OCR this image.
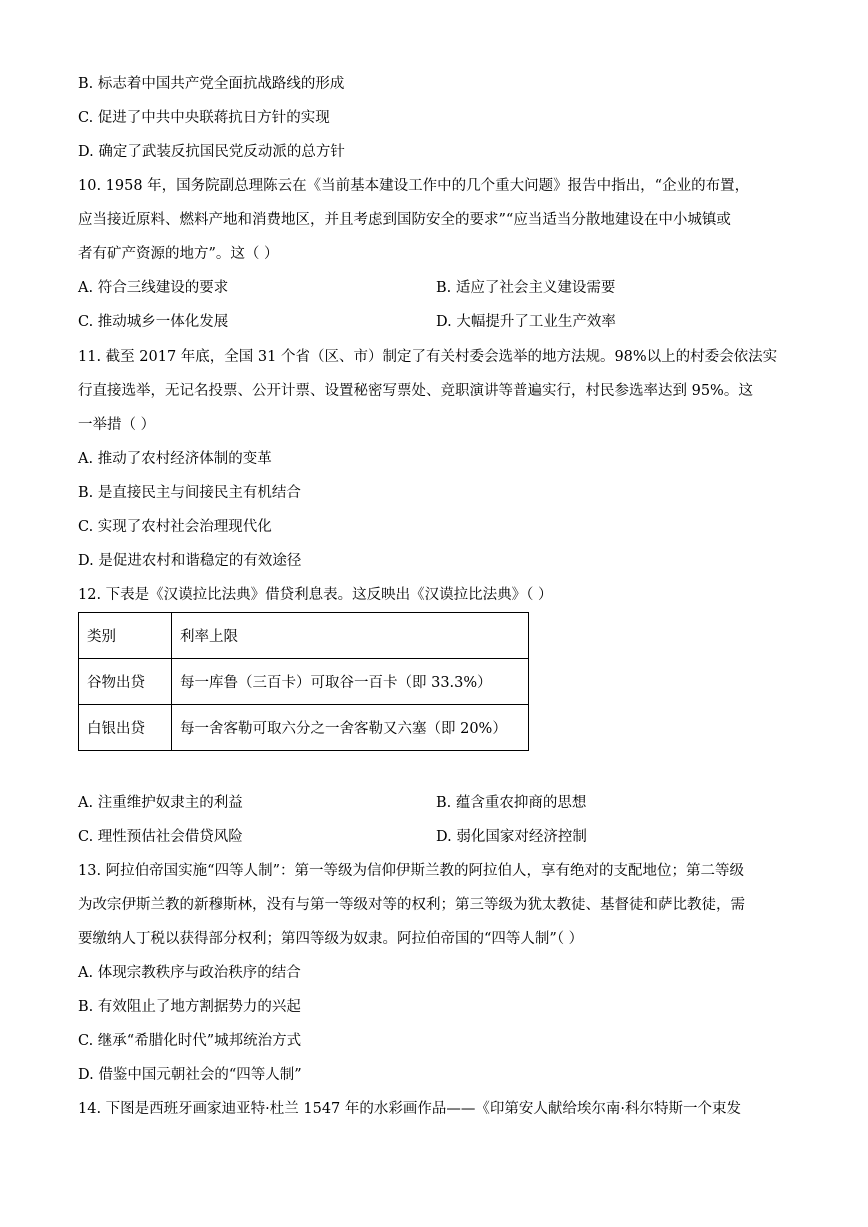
B. 标志着中国共产党全面抗战路线的形成
C. 促进了中共中央联蒋抗日方针的实现
D. 确定了武装反抗国民党反动派的总方针
10. 1958 年，国务院副总理陈云在《当前基本建设工作中的几个重大问题》报告中指出，“企业的布置，
应当接近原料、燃料产地和消费地区，并且考虑到国防安全的要求”“应当适当分散地建设在中小城镇或
者有矿产资源的地方”。这（ ）
A. 符合三线建设的要求	B. 适应了社会主义建设需要
C. 推动城乡一体化发展	D. 大幅提升了工业生产效率
11. 截至 2017 年底，全国 31 个省（区、市）制定了有关村委会选举的地方法规。98%以上的村委会依法实
行直接选举，无记名投票、公开计票、设置秘密写票处、竞职演讲等普遍实行，村民参选率达到 95%。这
一举措（ ）
A. 推动了农村经济体制的变革
B. 是直接民主与间接民主有机结合
C. 实现了农村社会治理现代化
D. 是促进农村和谐稳定的有效途径
12. 下表是《汉谟拉比法典》借贷利息表。这反映出《汉谟拉比法典》（ ）
类别	利率上限
谷物出贷	每一库鲁（三百卡）可取谷一百卡（即 33.3%）
白银出贷	每一舍客勒可取六分之一舍客勒又六塞（即 20%）
A. 注重维护奴隶主的利益	B. 蕴含重农抑商的思想
C. 理性预估社会借贷风险	D. 弱化国家对经济控制
13. 阿拉伯帝国实施“四等人制”：第一等级为信仰伊斯兰教的阿拉伯人，享有绝对的支配地位；第二等级
为改宗伊斯兰教的新穆斯林，没有与第一等级对等的权利；第三等级为犹太教徒、基督徒和萨比教徒，需
要缴纳人丁税以获得部分权利；第四等级为奴隶。阿拉伯帝国的“四等人制”（ ）
A. 体现宗教秩序与政治秩序的结合
B. 有效阻止了地方割据势力的兴起
C. 继承“希腊化时代”城邦统治方式
D. 借鉴中国元朝社会的“四等人制”
14. 下图是西班牙画家迪亚特·杜兰 1547 年的水彩画作品——《印第安人献给埃尔南·科尔特斯一个束发
